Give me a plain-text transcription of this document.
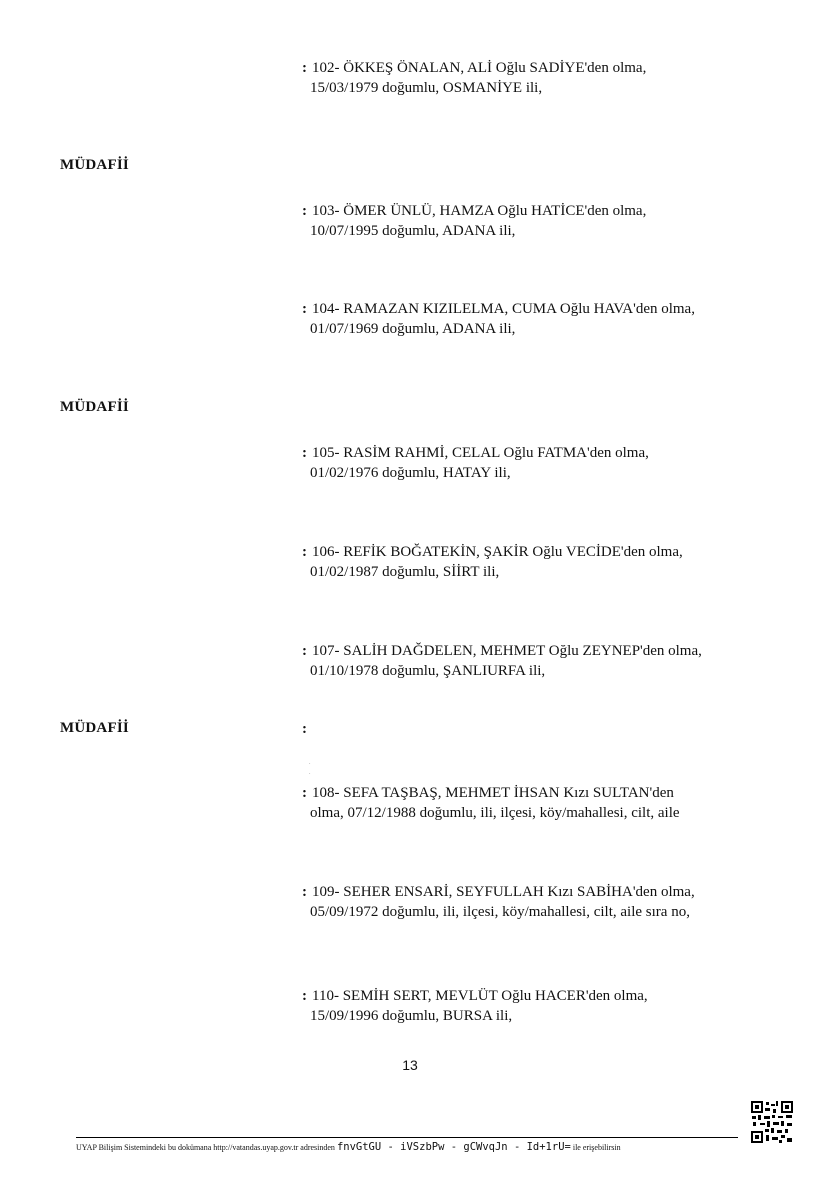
: 102- ÖKKEŞ ÖNALAN, ALİ Oğlu SADİYE'den olma,
15/03/1979 doğumlu, OSMANİYE ili,
MÜDAFİİ
: 103- ÖMER ÜNLÜ, HAMZA Oğlu HATİCE'den olma,
10/07/1995 doğumlu, ADANA ili,
: 104- RAMAZAN KIZILELMA, CUMA Oğlu HAVA'den olma,
01/07/1969 doğumlu, ADANA ili,
MÜDAFİİ
: 105- RASİM RAHMİ, CELAL Oğlu FATMA'den olma,
01/02/1976 doğumlu, HATAY ili,
: 106- REFİK BOĞATEKİN, ŞAKİR Oğlu VECİDE'den olma,
01/02/1987 doğumlu, SİİRT ili,
: 107- SALİH DAĞDELEN, MEHMET Oğlu ZEYNEP'den olma,
01/10/1978 doğumlu, ŞANLIURFA ili,
MÜDAFİİ	:
.
.
: 108- SEFA TAŞBAŞ, MEHMET İHSAN Kızı SULTAN'den
olma, 07/12/1988 doğumlu, ili, ilçesi, köy/mahallesi, cilt, aile
: 109- SEHER ENSARİ, SEYFULLAH Kızı SABİHA'den olma,
05/09/1972 doğumlu, ili, ilçesi, köy/mahallesi, cilt, aile sıra no,
: 110- SEMİH SERT, MEVLÜT Oğlu HACER'den olma,
15/09/1996 doğumlu, BURSA ili,
13
UYAP Bilişim Sistemindeki bu dokümana http://vatandas.uyap.gov.tr adresinden fnvGtGU - iVSzbPw - gCWvqJn - Id+1rU= ile erişebilirsin
